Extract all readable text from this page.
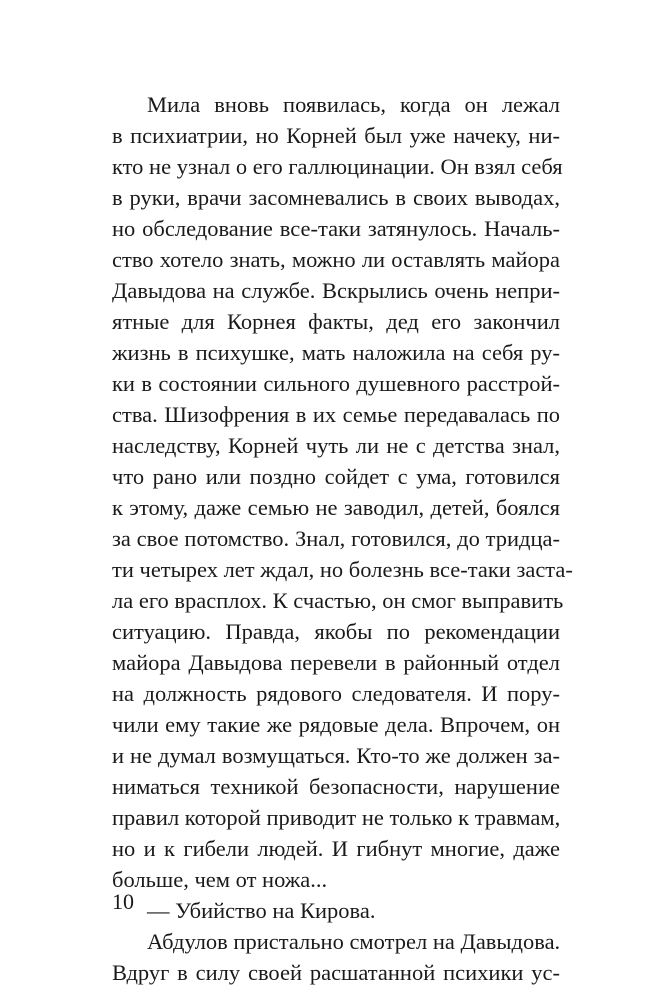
Мила вновь появилась, когда он лежал
в психиатрии, но Корней был уже начеку, ни-
кто не узнал о его галлюцинации. Он взял себя
в руки, врачи засомневались в своих выводах,
но обследование все-таки затянулось. Началь-
ство хотело знать, можно ли оставлять майора
Давыдова на службе. Вскрылись очень непри-
ятные для Корнея факты, дед его закончил
жизнь в психушке, мать наложила на себя ру-
ки в состоянии сильного душевного расстрой-
ства. Шизофрения в их семье передавалась по
наследству, Корней чуть ли не с детства знал,
что рано или поздно сойдет с ума, готовился
к этому, даже семью не заводил, детей, боялся
за свое потомство. Знал, готовился, до тридца-
ти четырех лет ждал, но болезнь все-таки заста-
ла его врасплох. К счастью, он смог выправить
ситуацию. Правда, якобы по рекомендации
майора Давыдова перевели в районный отдел
на должность рядового следователя. И пору-
чили ему такие же рядовые дела. Впрочем, он
и не думал возмущаться. Кто-то же должен за-
ниматься техникой безопасности, нарушение
правил которой приводит не только к травмам,
но и к гибели людей. И гибнут многие, даже
больше, чем от ножа...
— Убийство на Кирова.
Абдулов пристально смотрел на Давыдова.
Вдруг в силу своей расшатанной психики ус-
10
